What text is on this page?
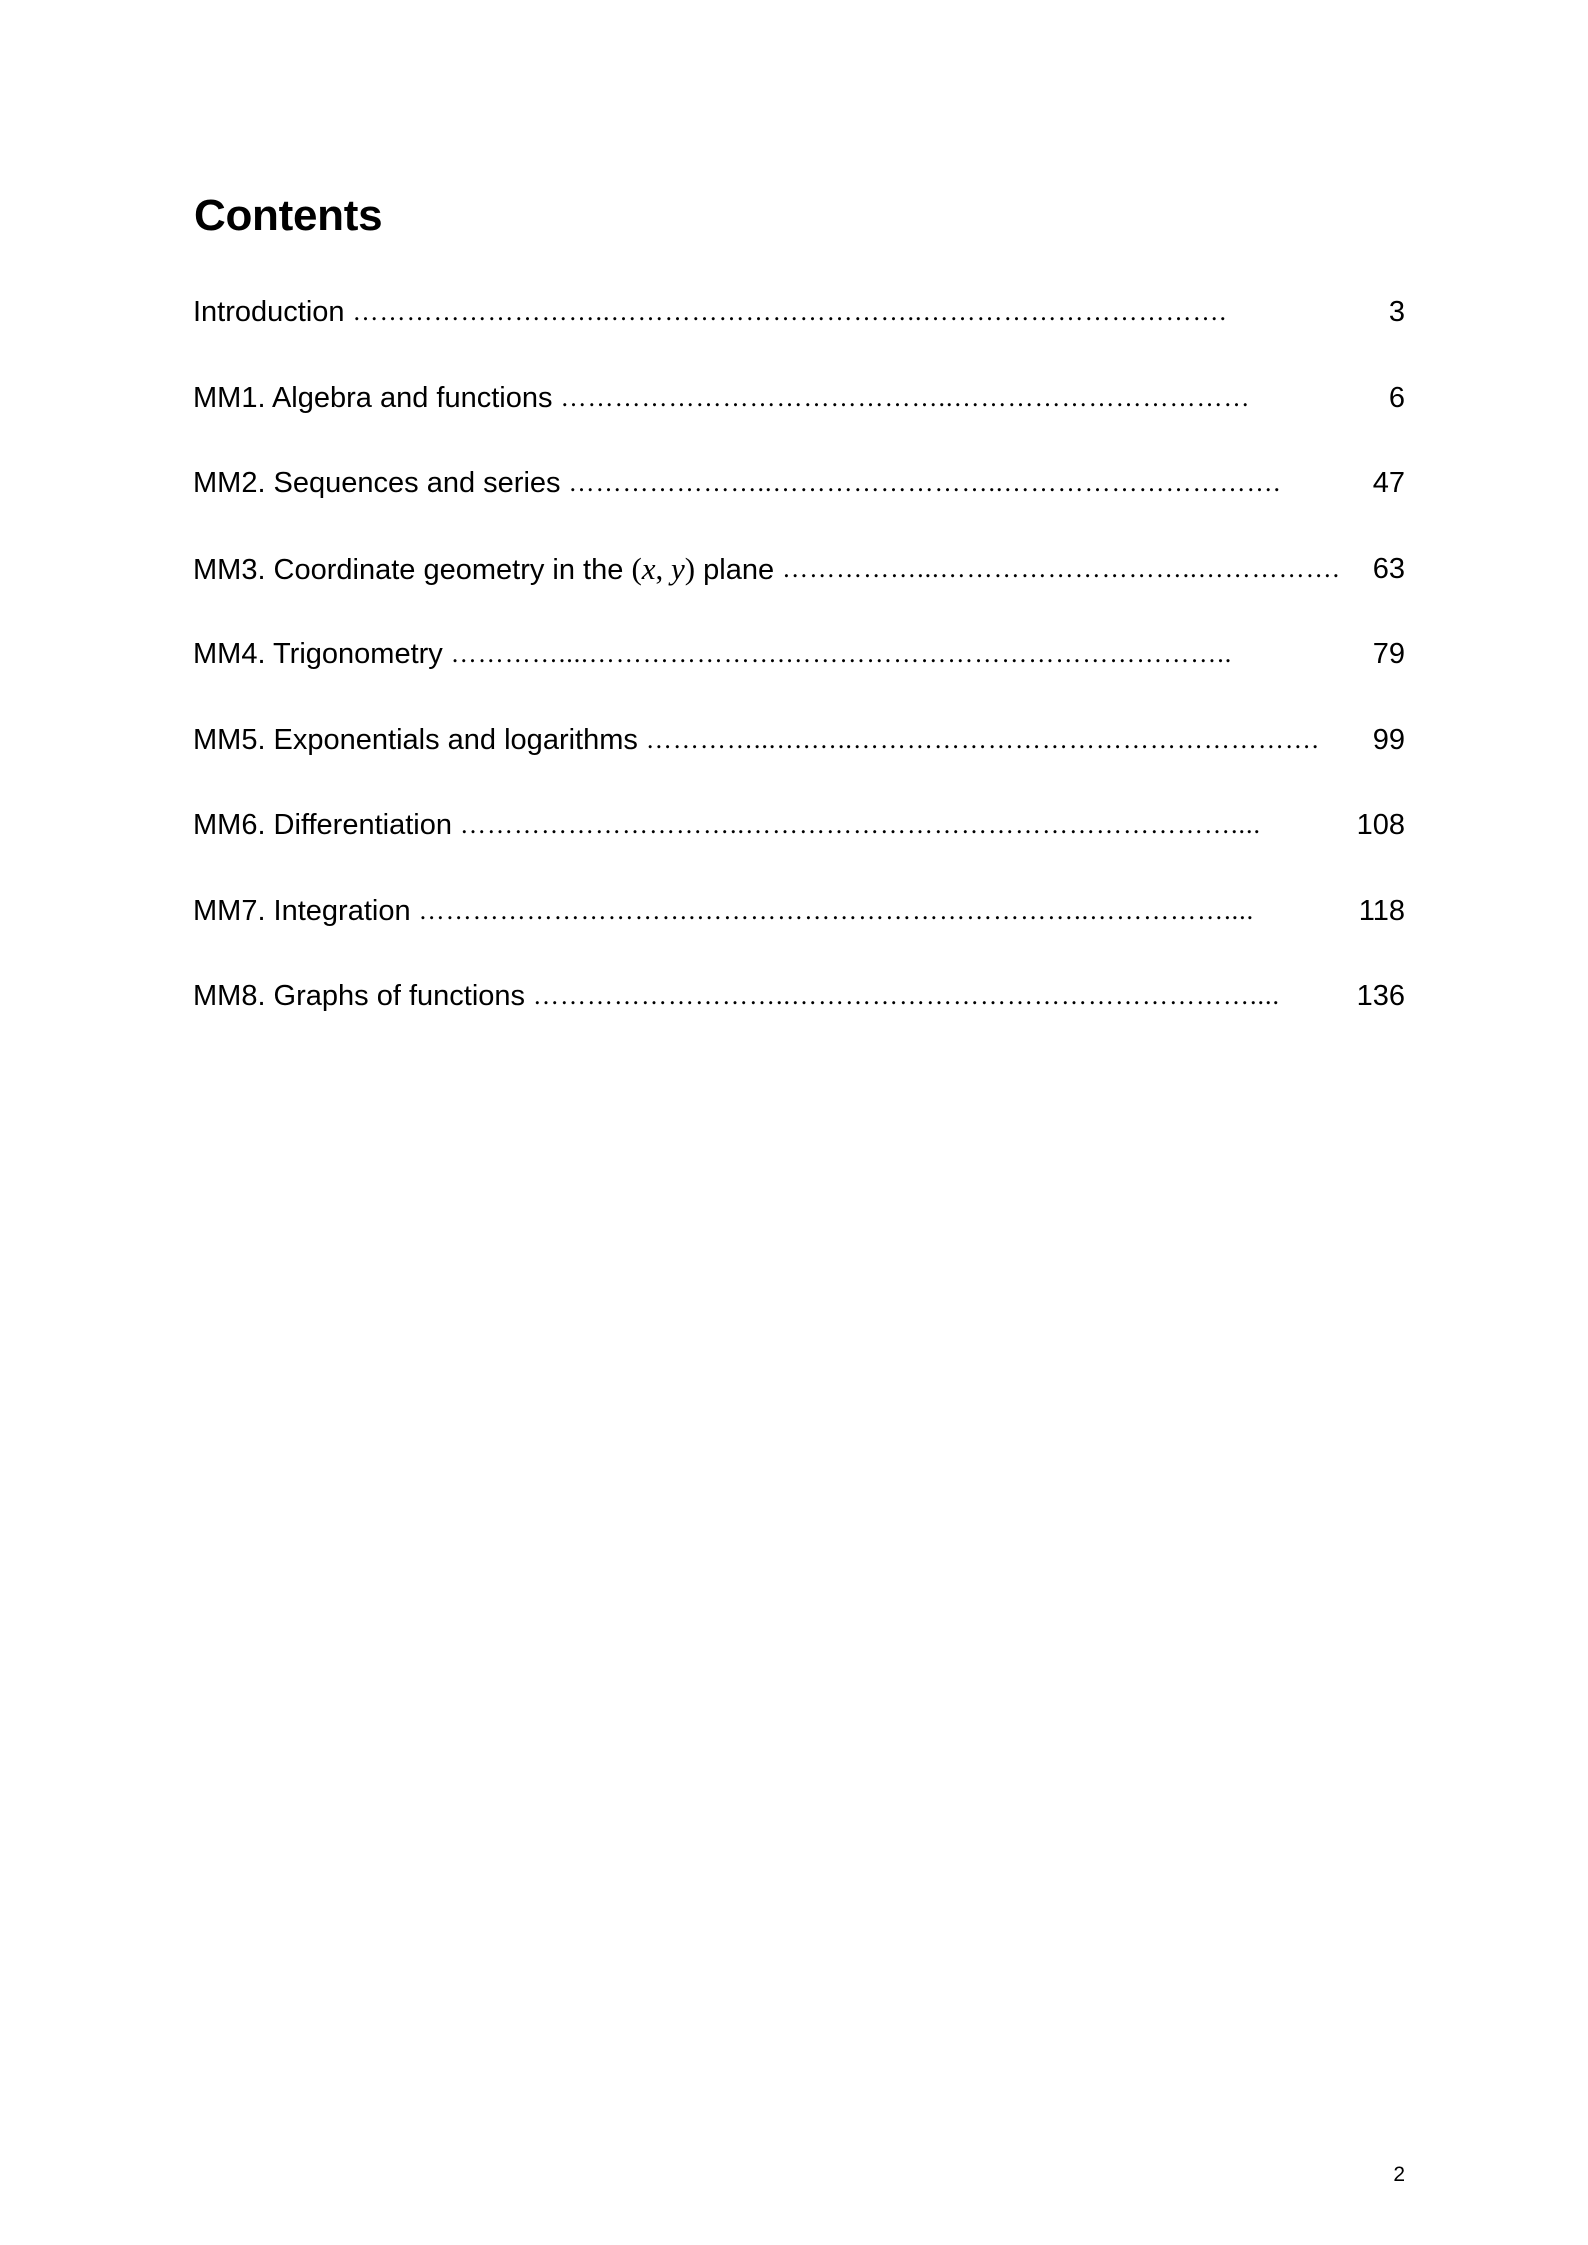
Contents
Introduction ………………………..……………………………..…………………………….	3
MM1. Algebra and functions ……………………………………..……………………………	6
MM2. Sequences and series …………………..……………………..………………………….	47
MM3. Coordinate geometry in the (x, y) plane ……………...………………………..…………….	63
MM4. Trigonometry …………....………………….…………………………………………..	79
MM5. Exponentials and logarithms …………...….…..…………………………………………….	99
MM6. Differentiation …………………………..………………………………………………....	108
MM7. Integration ………………………….……………………………………..……………....	118
MM8. Graphs of functions ………………………..……………………………………………....	136
2
